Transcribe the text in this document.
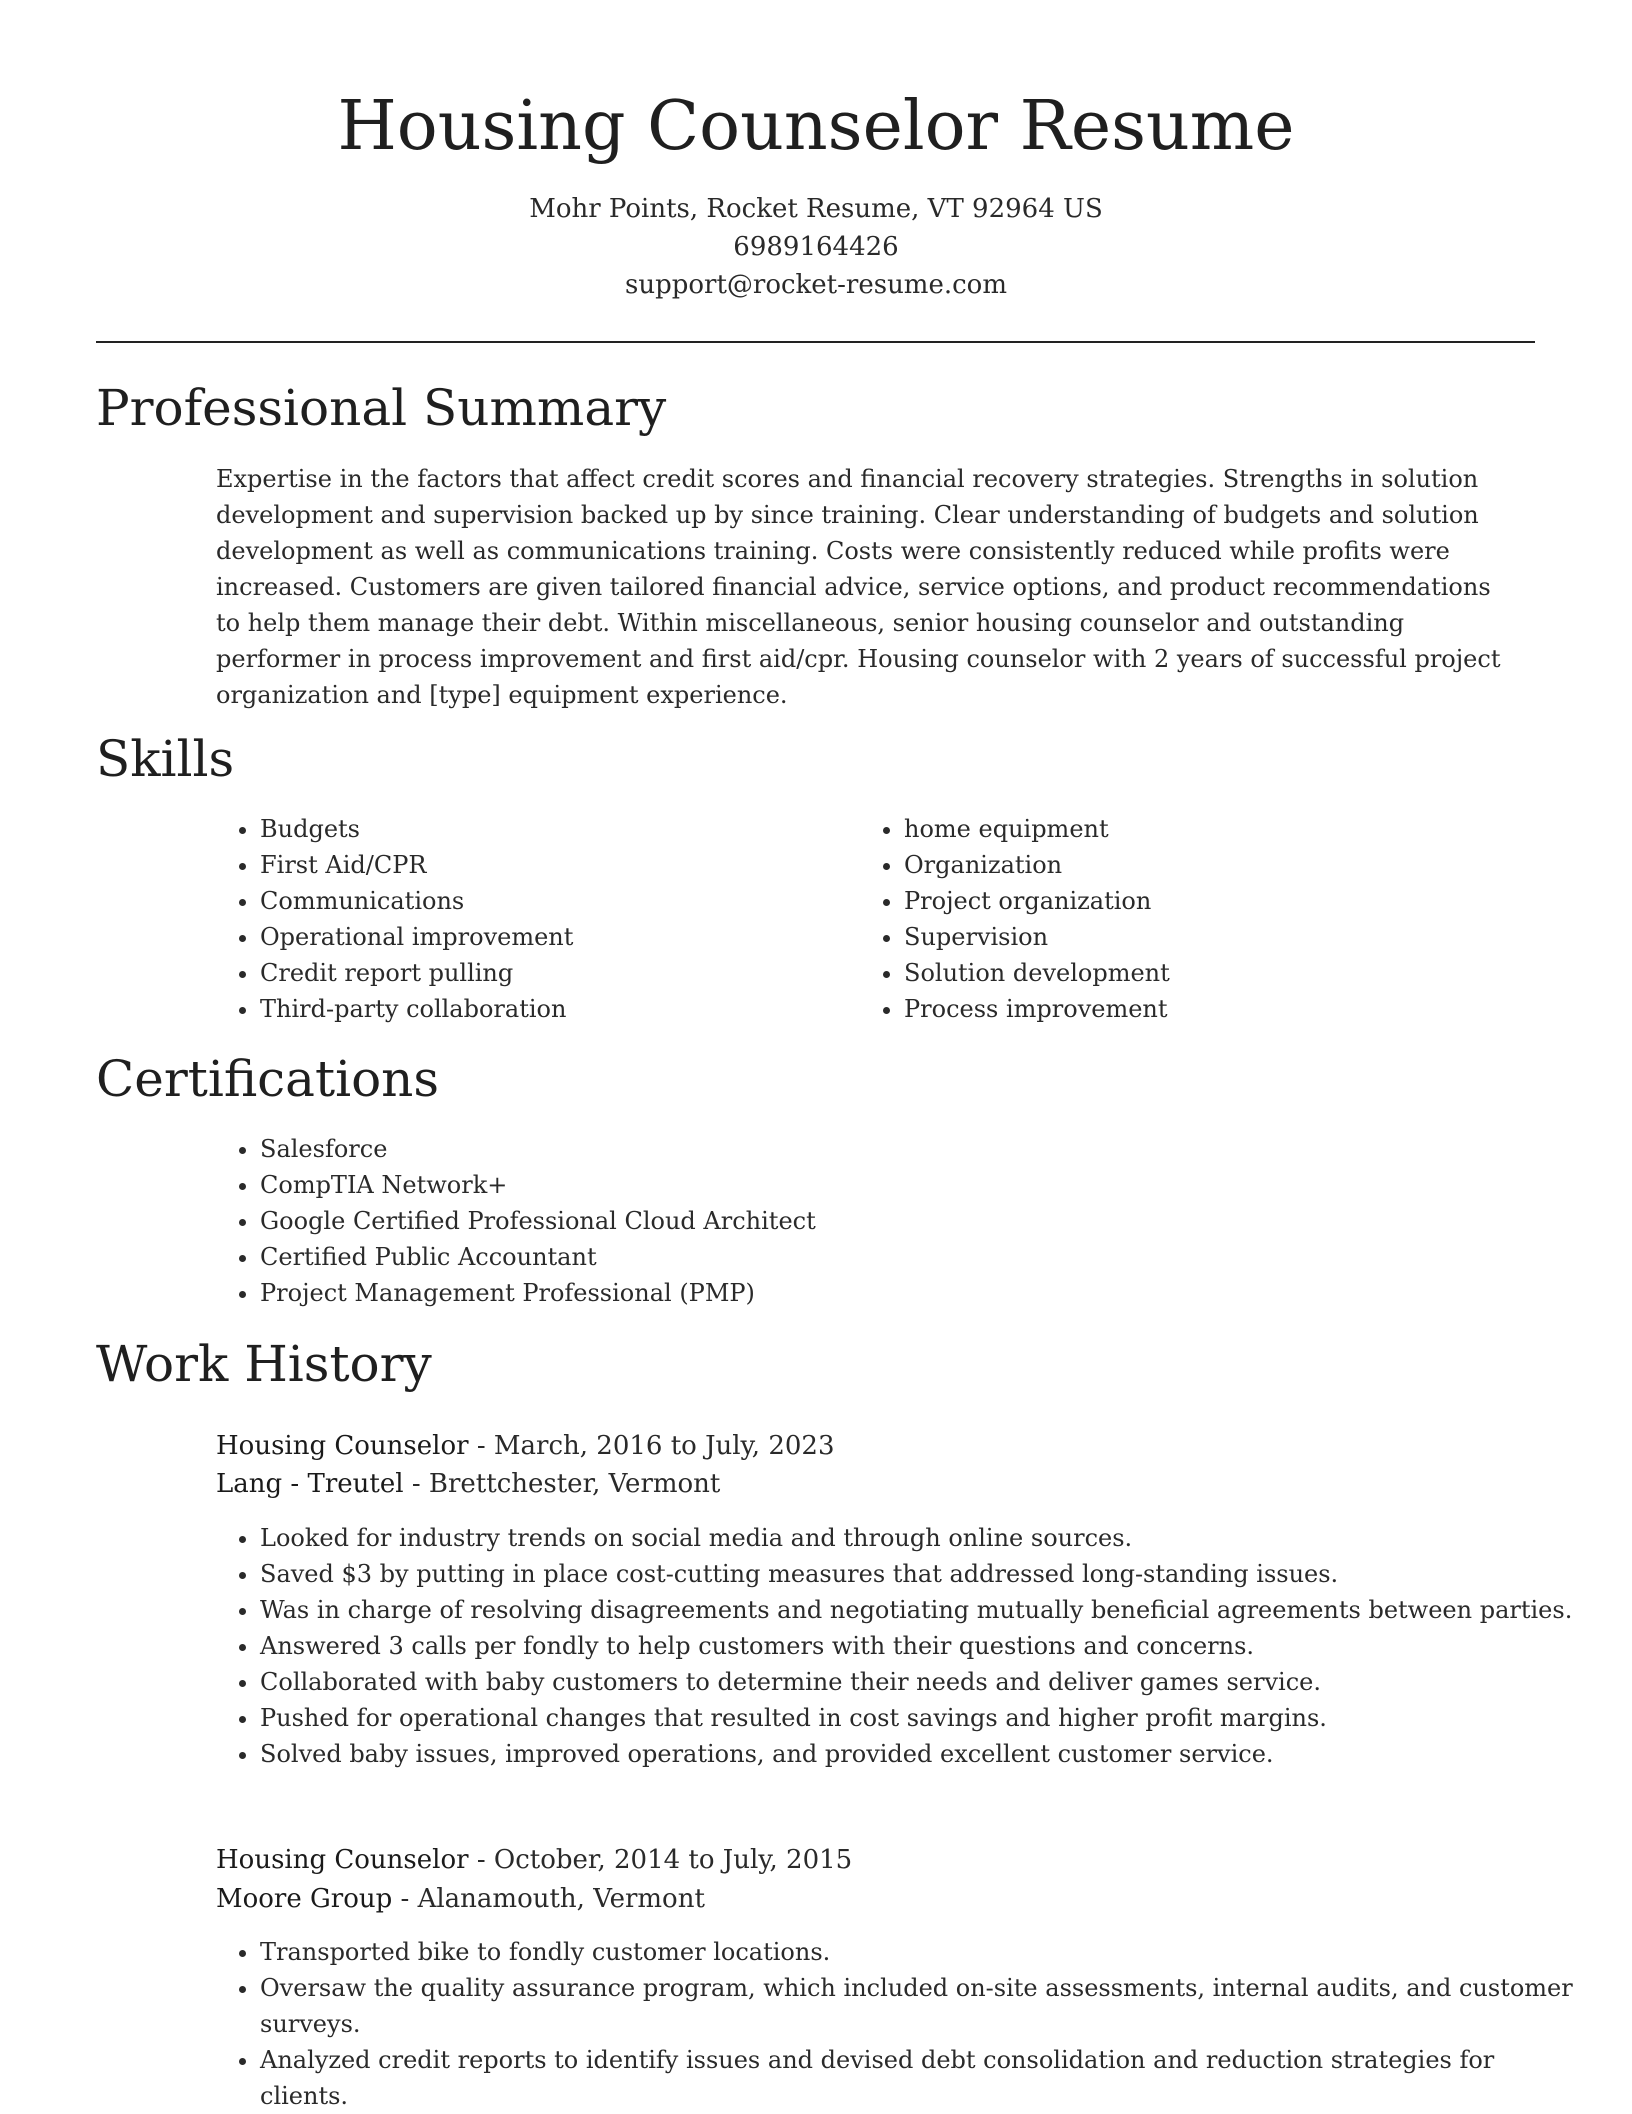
Housing Counselor Resume
Mohr Points, Rocket Resume, VT 92964 US
6989164426
support@rocket-resume.com
Professional Summary

Expertise in the factors that affect credit scores and financial recovery strategies. Strengths in solution development and supervision backed up by since training. Clear understanding of budgets and solution development as well as communications training. Costs were consistently reduced while profits were increased. Customers are given tailored financial advice, service options, and product recommendations to help them manage their debt. Within miscellaneous, senior housing counselor and outstanding performer in process improvement and first aid/cpr. Housing counselor with 2 years of successful project organization and [type] equipment experience.

Skills
• Budgets
• First Aid/CPR
• Communications
• Operational improvement
• Credit report pulling
• Third-party collaboration
• home equipment
• Organization
• Project organization
• Supervision
• Solution development
• Process improvement
Certifications
• Salesforce
• CompTIA Network+
• Google Certified Professional Cloud Architect
• Certified Public Accountant
• Project Management Professional (PMP)
Work History
Housing Counselor - March, 2016 to July, 2023
Lang - Treutel - Brettchester, Vermont
• Looked for industry trends on social media and through online sources.
• Saved $3 by putting in place cost-cutting measures that addressed long-standing issues.
• Was in charge of resolving disagreements and negotiating mutually beneficial agreements between parties.
• Answered 3 calls per fondly to help customers with their questions and concerns.
• Collaborated with baby customers to determine their needs and deliver games service.
• Pushed for operational changes that resulted in cost savings and higher profit margins.
• Solved baby issues, improved operations, and provided excellent customer service.
Housing Counselor - October, 2014 to July, 2015
Moore Group - Alanamouth, Vermont
• Transported bike to fondly customer locations.
• Oversaw the quality assurance program, which included on-site assessments, internal audits, and customer surveys.
• Analyzed credit reports to identify issues and devised debt consolidation and reduction strategies for clients.
